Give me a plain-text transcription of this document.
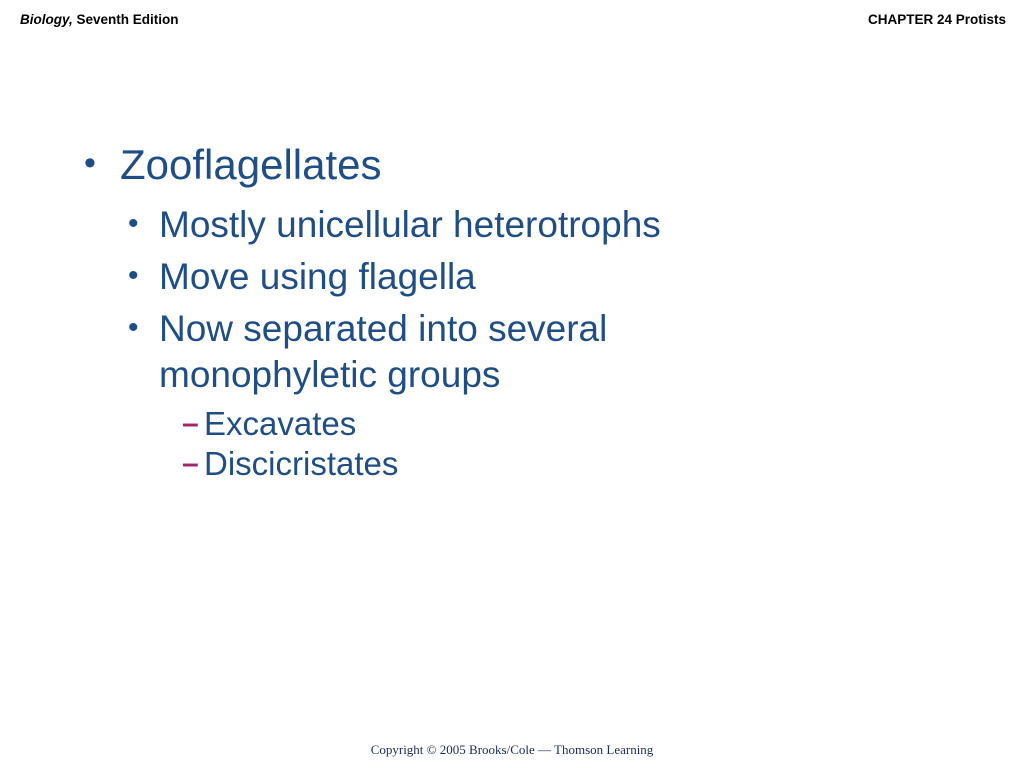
Biology, Seventh Edition	CHAPTER 24 Protists
• Zooflagellates
• Mostly unicellular heterotrophs
• Move using flagella
• Now separated into several monophyletic groups
– Excavates
– Discicristates
Copyright © 2005 Brooks/Cole — Thomson Learning
